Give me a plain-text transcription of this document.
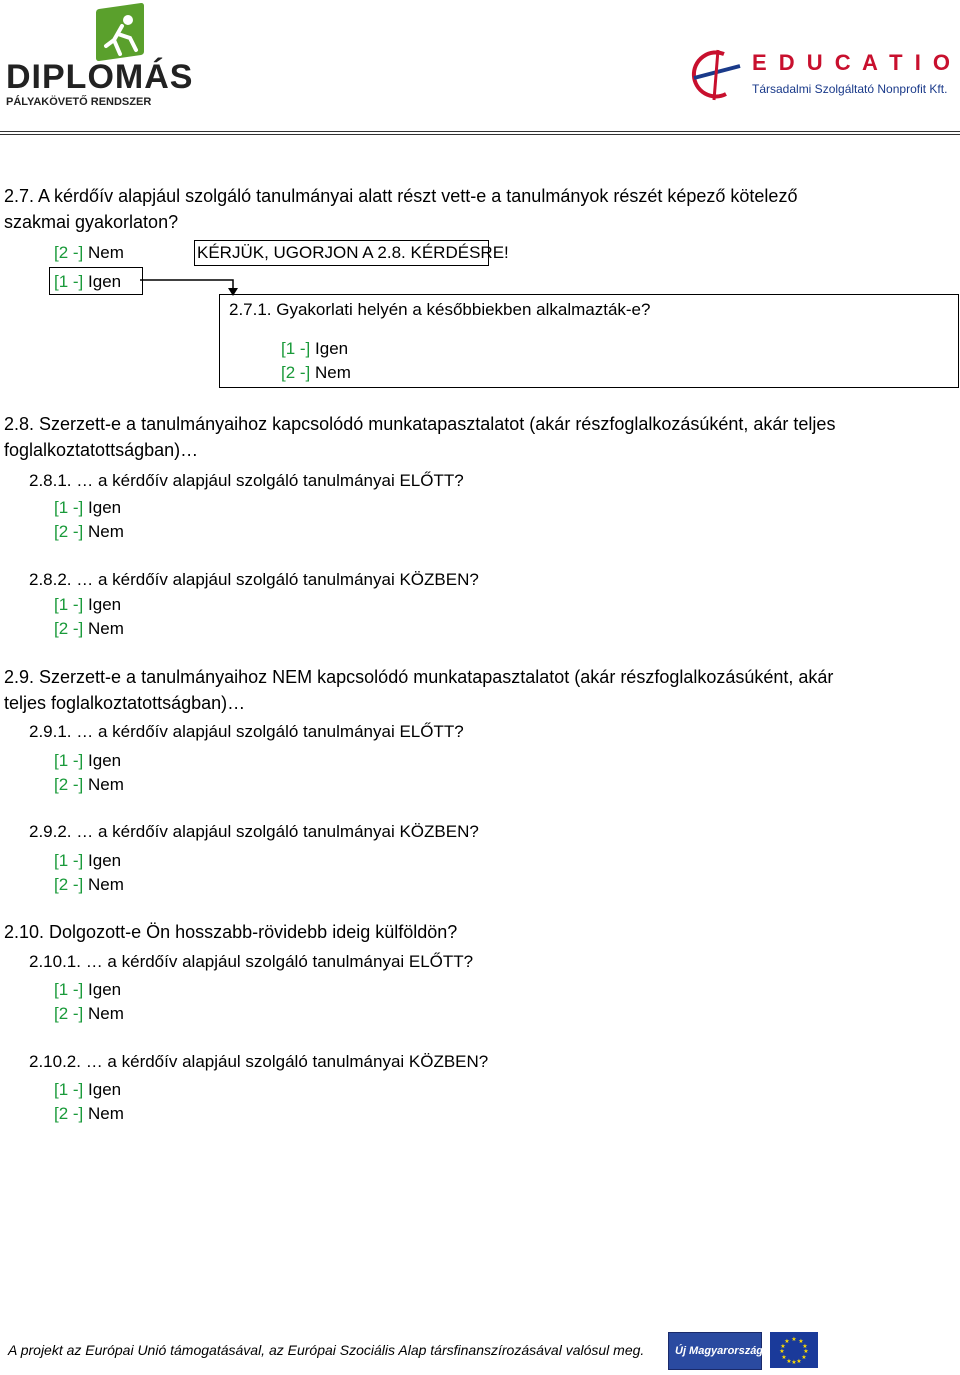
DIPLOMÁS
PÁLYAKÖVETŐ RENDSZER
E D U C A T I O
Társadalmi Szolgáltató Nonprofit Kft.
2.7. A kérdőív alapjául szolgáló tanulmányai alatt részt vett-e a tanulmányok részét képező kötelező
szakmai gyakorlaton?
[2 -] Nem	KÉRJÜK, UGORJON A 2.8. KÉRDÉSRE!
[1 -] Igen
2.7.1. Gyakorlati helyén a későbbiekben alkalmazták-e?
[1 -] Igen
[2 -] Nem
2.8. Szerzett-e a tanulmányaihoz kapcsolódó munkatapasztalatot (akár részfoglalkozásúként, akár teljes
foglalkoztatottságban)…
2.8.1. … a kérdőív alapjául szolgáló tanulmányai ELŐTT?
[1 -] Igen
[2 -] Nem
2.8.2. … a kérdőív alapjául szolgáló tanulmányai KÖZBEN?
[1 -] Igen
[2 -] Nem
2.9. Szerzett-e a tanulmányaihoz NEM kapcsolódó munkatapasztalatot (akár részfoglalkozásúként, akár
teljes foglalkoztatottságban)…
2.9.1. … a kérdőív alapjául szolgáló tanulmányai ELŐTT?
[1 -] Igen
[2 -] Nem
2.9.2. … a kérdőív alapjául szolgáló tanulmányai KÖZBEN?
[1 -] Igen
[2 -] Nem
2.10. Dolgozott-e Ön hosszabb-rövidebb ideig külföldön?
2.10.1. … a kérdőív alapjául szolgáló tanulmányai ELŐTT?
[1 -] Igen
[2 -] Nem
2.10.2. … a kérdőív alapjául szolgáló tanulmányai KÖZBEN?
[1 -] Igen
[2 -] Nem
A projekt az Európai Unió támogatásával, az Európai Szociális Alap társfinanszírozásával valósul meg.	Új Magyarország
★ ★
★
★
★
★
★
★
★
★
★
★
